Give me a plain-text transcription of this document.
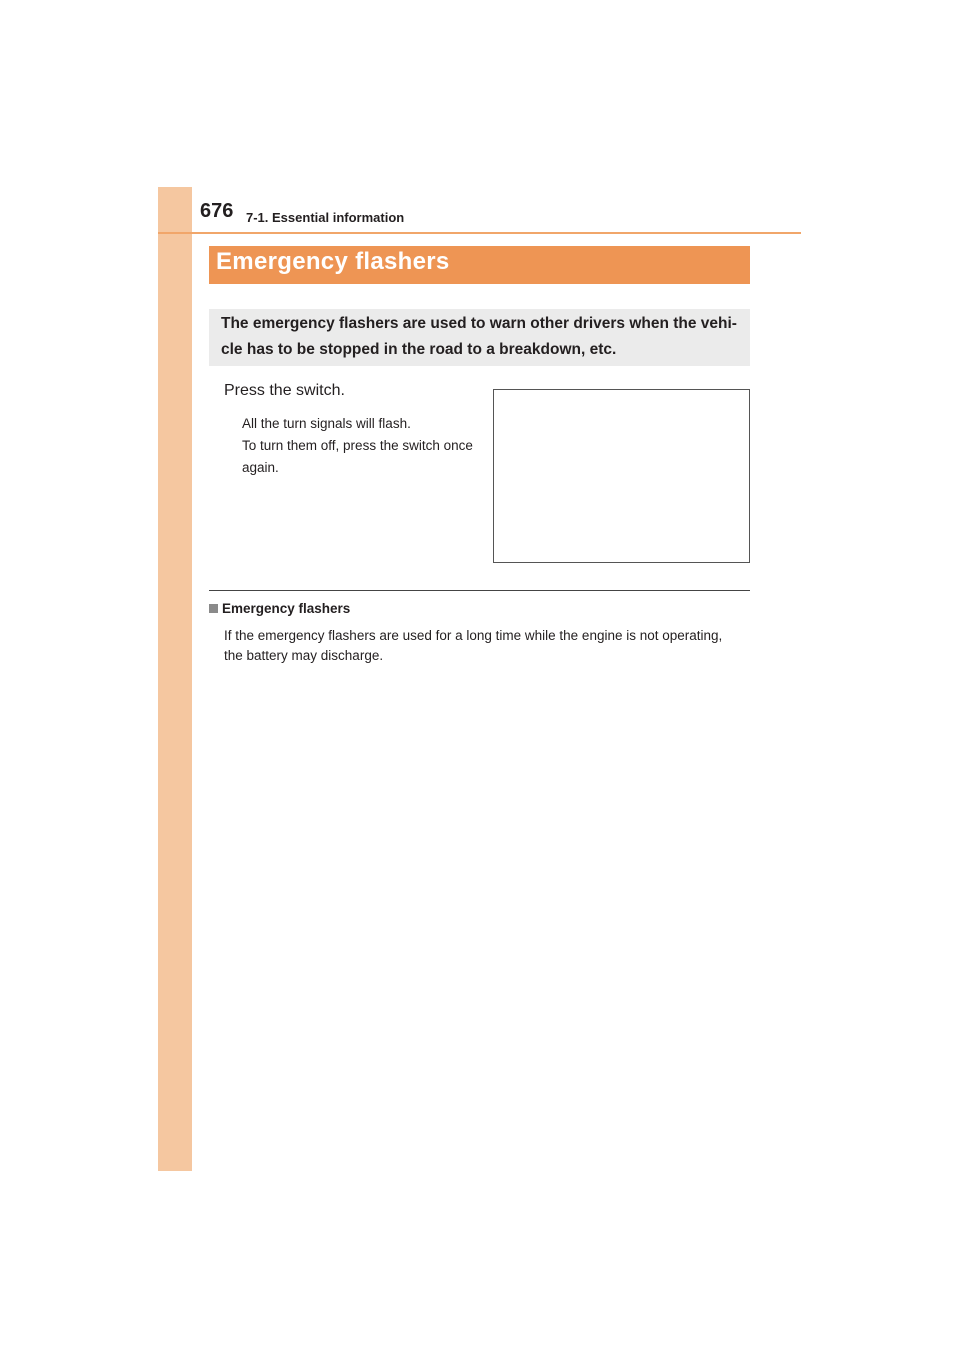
676 7-1. Essential information
Emergency flashers
The emergency flashers are used to warn other drivers when the vehi-
cle has to be stopped in the road to a breakdown, etc.
Press the switch.
All the turn signals will flash.
To turn them off, press the switch once
again.
Emergency flashers
If the emergency flashers are used for a long time while the engine is not operating,
the battery may discharge.
